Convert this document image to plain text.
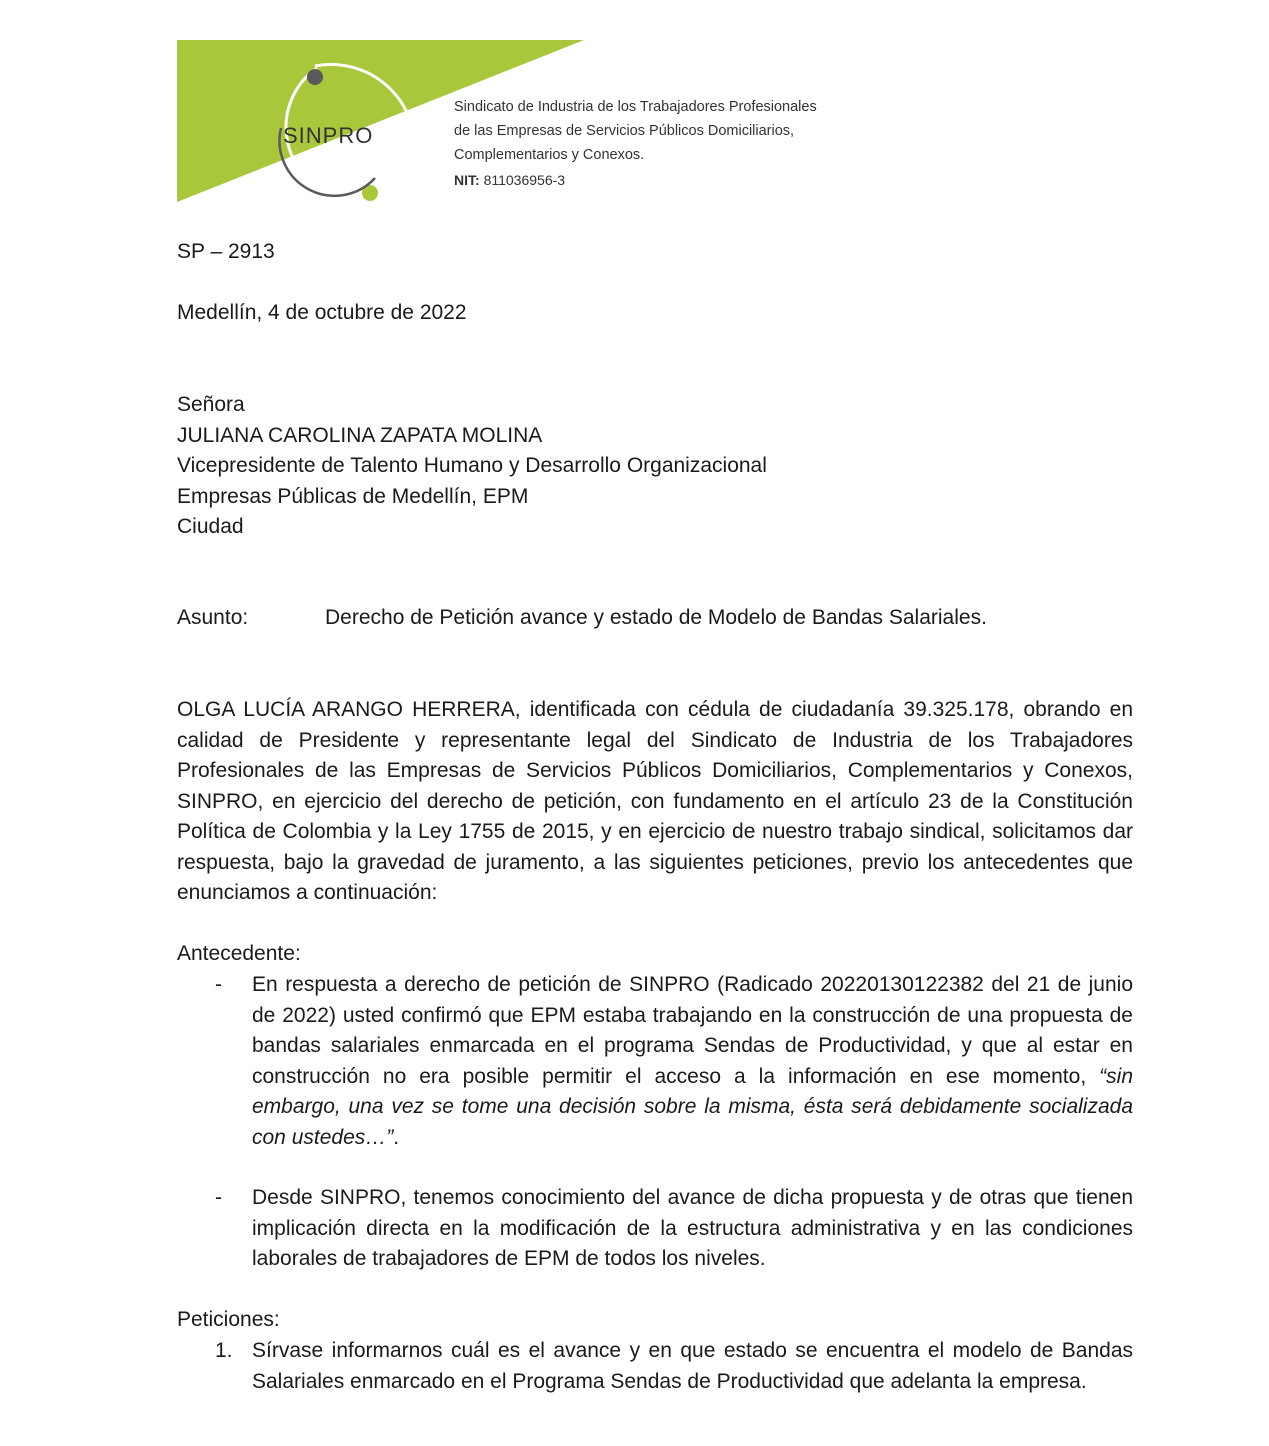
SINPRO
Sindicato de Industria de los Trabajadores Profesionales
de las Empresas de Servicios Públicos Domiciliarios,
Complementarios y Conexos.
NIT: 811036956-3
SP – 2913
Medellín, 4 de octubre de 2022
Señora
JULIANA CAROLINA ZAPATA MOLINA
Vicepresidente de Talento Humano y Desarrollo Organizacional
Empresas Públicas de Medellín, EPM
Ciudad
Asunto:	Derecho de Petición avance y estado de Modelo de Bandas Salariales.
OLGA LUCÍA ARANGO HERRERA, identificada con cédula de ciudadanía 39.325.178, obrando en calidad de Presidente y representante legal del Sindicato de Industria de los Trabajadores Profesionales de las Empresas de Servicios Públicos Domiciliarios, Complementarios y Conexos, SINPRO, en ejercicio del derecho de petición, con fundamento en el artículo 23 de la Constitución Política de Colombia y la Ley 1755 de 2015, y en ejercicio de nuestro trabajo sindical, solicitamos dar respuesta, bajo la gravedad de juramento, a las siguientes peticiones, previo los antecedentes que enunciamos a continuación:
Antecedente:
- En respuesta a derecho de petición de SINPRO (Radicado 20220130122382 del 21 de junio de 2022) usted confirmó que EPM estaba trabajando en la construcción de una propuesta de bandas salariales enmarcada en el programa Sendas de Productividad, y que al estar en construcción no era posible permitir el acceso a la información en ese momento, “sin embargo, una vez se tome una decisión sobre la misma, ésta será debidamente socializada con ustedes…”.
- Desde SINPRO, tenemos conocimiento del avance de dicha propuesta y de otras que tienen implicación directa en la modificación de la estructura administrativa y en las condiciones laborales de trabajadores de EPM de todos los niveles.
Peticiones:
1. Sírvase informarnos cuál es el avance y en que estado se encuentra el modelo de Bandas Salariales enmarcado en el Programa Sendas de Productividad que adelanta la empresa.
